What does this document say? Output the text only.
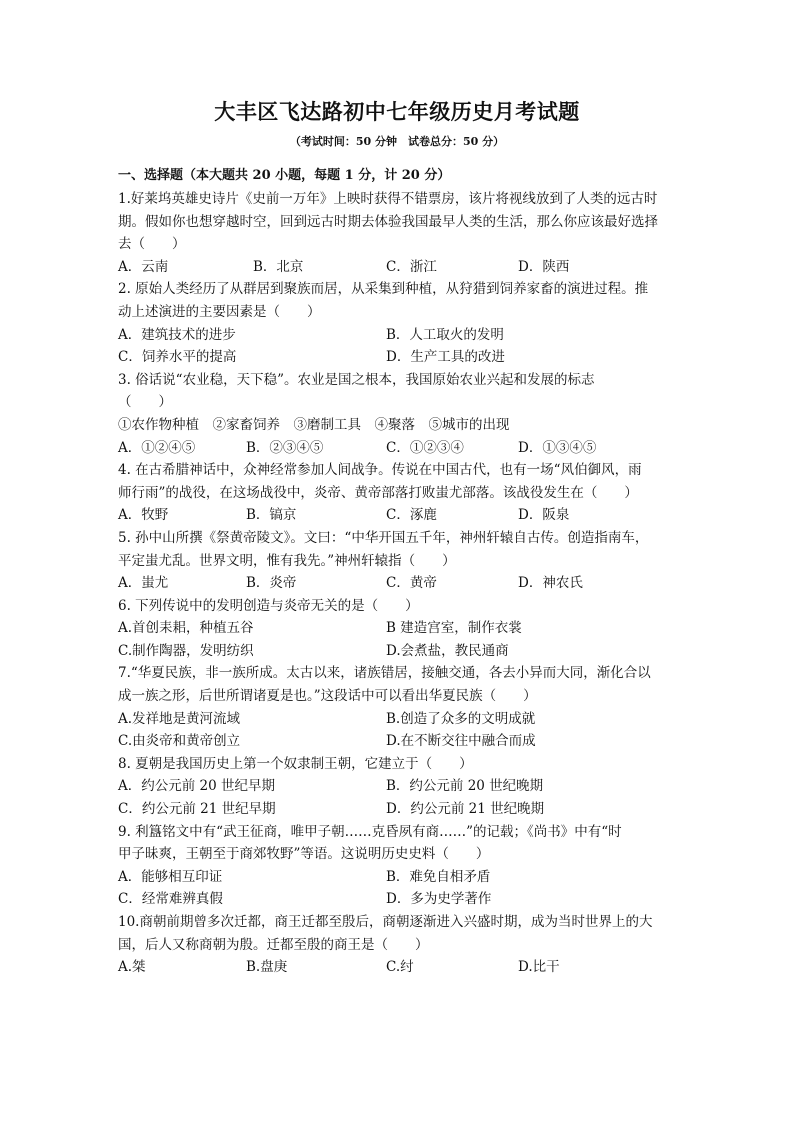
大丰区飞达路初中七年级历史月考试题
（考试时间：50 分钟　试卷总分：50 分）
一、选择题（本大题共 20 小题，每题 1 分，计 20 分）
1.好莱坞英雄史诗片《史前一万年》上映时获得不错票房，该片将视线放到了人类的远古时
期。假如你也想穿越时空，回到远古时期去体验我国最早人类的生活，那么你应该最好选择
去（　　）
A．云南	B．北京	C．浙江	D．陕西
2. 原始人类经历了从群居到聚族而居，从采集到种植，从狩猎到饲养家畜的演进过程。推
动上述演进的主要因素是（　　）
A．建筑技术的进步	B．人工取火的发明
C．饲养水平的提高	D．生产工具的改进
3. 俗话说“农业稳，天下稳”。农业是国之根本，我国原始农业兴起和发展的标志
（　　）
①农作物种植　②家畜饲养　③磨制工具　④聚落　⑤城市的出现
A．①②④⑤	B．②③④⑤	C．①②③④	D．①③④⑤
4. 在古希腊神话中，众神经常参加人间战争。传说在中国古代，也有一场“风伯御风，雨
师行雨”的战役，在这场战役中，炎帝、黄帝部落打败蚩尤部落。该战役发生在（　　）
A．牧野	B．镐京	C．涿鹿	D．阪泉
5. 孙中山所撰《祭黄帝陵文》。文曰：“中华开国五千年，神州轩辕自古传。创造指南车，
平定蚩尤乱。世界文明，惟有我先。”神州轩辕指（　　）
A．蚩尤	B．炎帝	C．黄帝	D．神农氏
6. 下列传说中的发明创造与炎帝无关的是（　　）
A.首创耒耜，种植五谷	B 建造宫室，制作衣裳
C.制作陶器，发明纺织	D.会煮盐，教民通商
7.“华夏民族，非一族所成。太古以来，诸族错居，接触交通，各去小异而大同，渐化合以
成一族之形，后世所谓诸夏是也。”这段话中可以看出华夏民族（　　）
A.发祥地是黄河流域	B.创造了众多的文明成就
C.由炎帝和黄帝创立	D.在不断交往中融合而成
8. 夏朝是我国历史上第一个奴隶制王朝，它建立于（　　）
A．约公元前 20 世纪早期	B．约公元前 20 世纪晚期
C．约公元前 21 世纪早期	D．约公元前 21 世纪晚期
9. 利簋铭文中有“武王征商，唯甲子朝……克昏夙有商……”的记载；《尚书》中有“时
甲子昧爽，王朝至于商郊牧野”等语。这说明历史史料（　　）
A．能够相互印证	B．难免自相矛盾
C．经常难辨真假	D．多为史学著作
10.商朝前期曾多次迁都，商王迁都至殷后，商朝逐渐进入兴盛时期，成为当时世界上的大
国，后人又称商朝为殷。迁都至殷的商王是（　　）
A.桀	B.盘庚	C.纣	D.比干
